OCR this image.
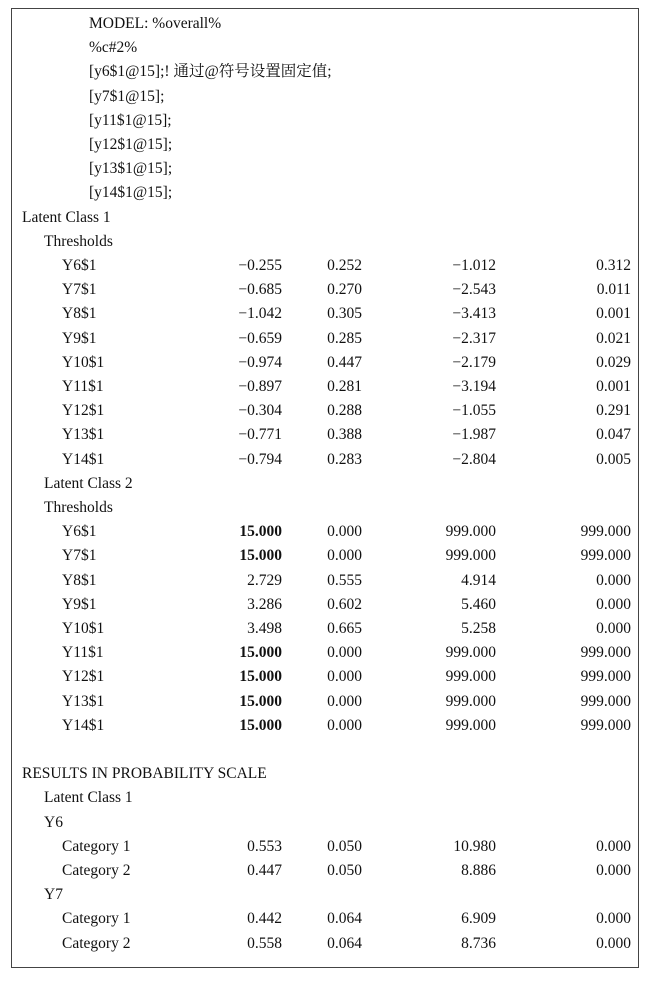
MODEL: %overall%
%c#2%
[y6$1@15];! 通过@符号设置固定值;
[y7$1@15];
[y11$1@15];
[y12$1@15];
[y13$1@15];
[y14$1@15];
Latent Class 1
Thresholds
Y6$1	−0.255	0.252	−1.012	0.312
Y7$1	−0.685	0.270	−2.543	0.011
Y8$1	−1.042	0.305	−3.413	0.001
Y9$1	−0.659	0.285	−2.317	0.021
Y10$1	−0.974	0.447	−2.179	0.029
Y11$1	−0.897	0.281	−3.194	0.001
Y12$1	−0.304	0.288	−1.055	0.291
Y13$1	−0.771	0.388	−1.987	0.047
Y14$1	−0.794	0.283	−2.804	0.005
Latent Class 2
Thresholds
Y6$1	15.000	0.000	999.000	999.000
Y7$1	15.000	0.000	999.000	999.000
Y8$1	2.729	0.555	4.914	0.000
Y9$1	3.286	0.602	5.460	0.000
Y10$1	3.498	0.665	5.258	0.000
Y11$1	15.000	0.000	999.000	999.000
Y12$1	15.000	0.000	999.000	999.000
Y13$1	15.000	0.000	999.000	999.000
Y14$1	15.000	0.000	999.000	999.000
RESULTS IN PROBABILITY SCALE
Latent Class 1
Y6
Category 1	0.553	0.050	10.980	0.000
Category 2	0.447	0.050	8.886	0.000
Y7
Category 1	0.442	0.064	6.909	0.000
Category 2	0.558	0.064	8.736	0.000
